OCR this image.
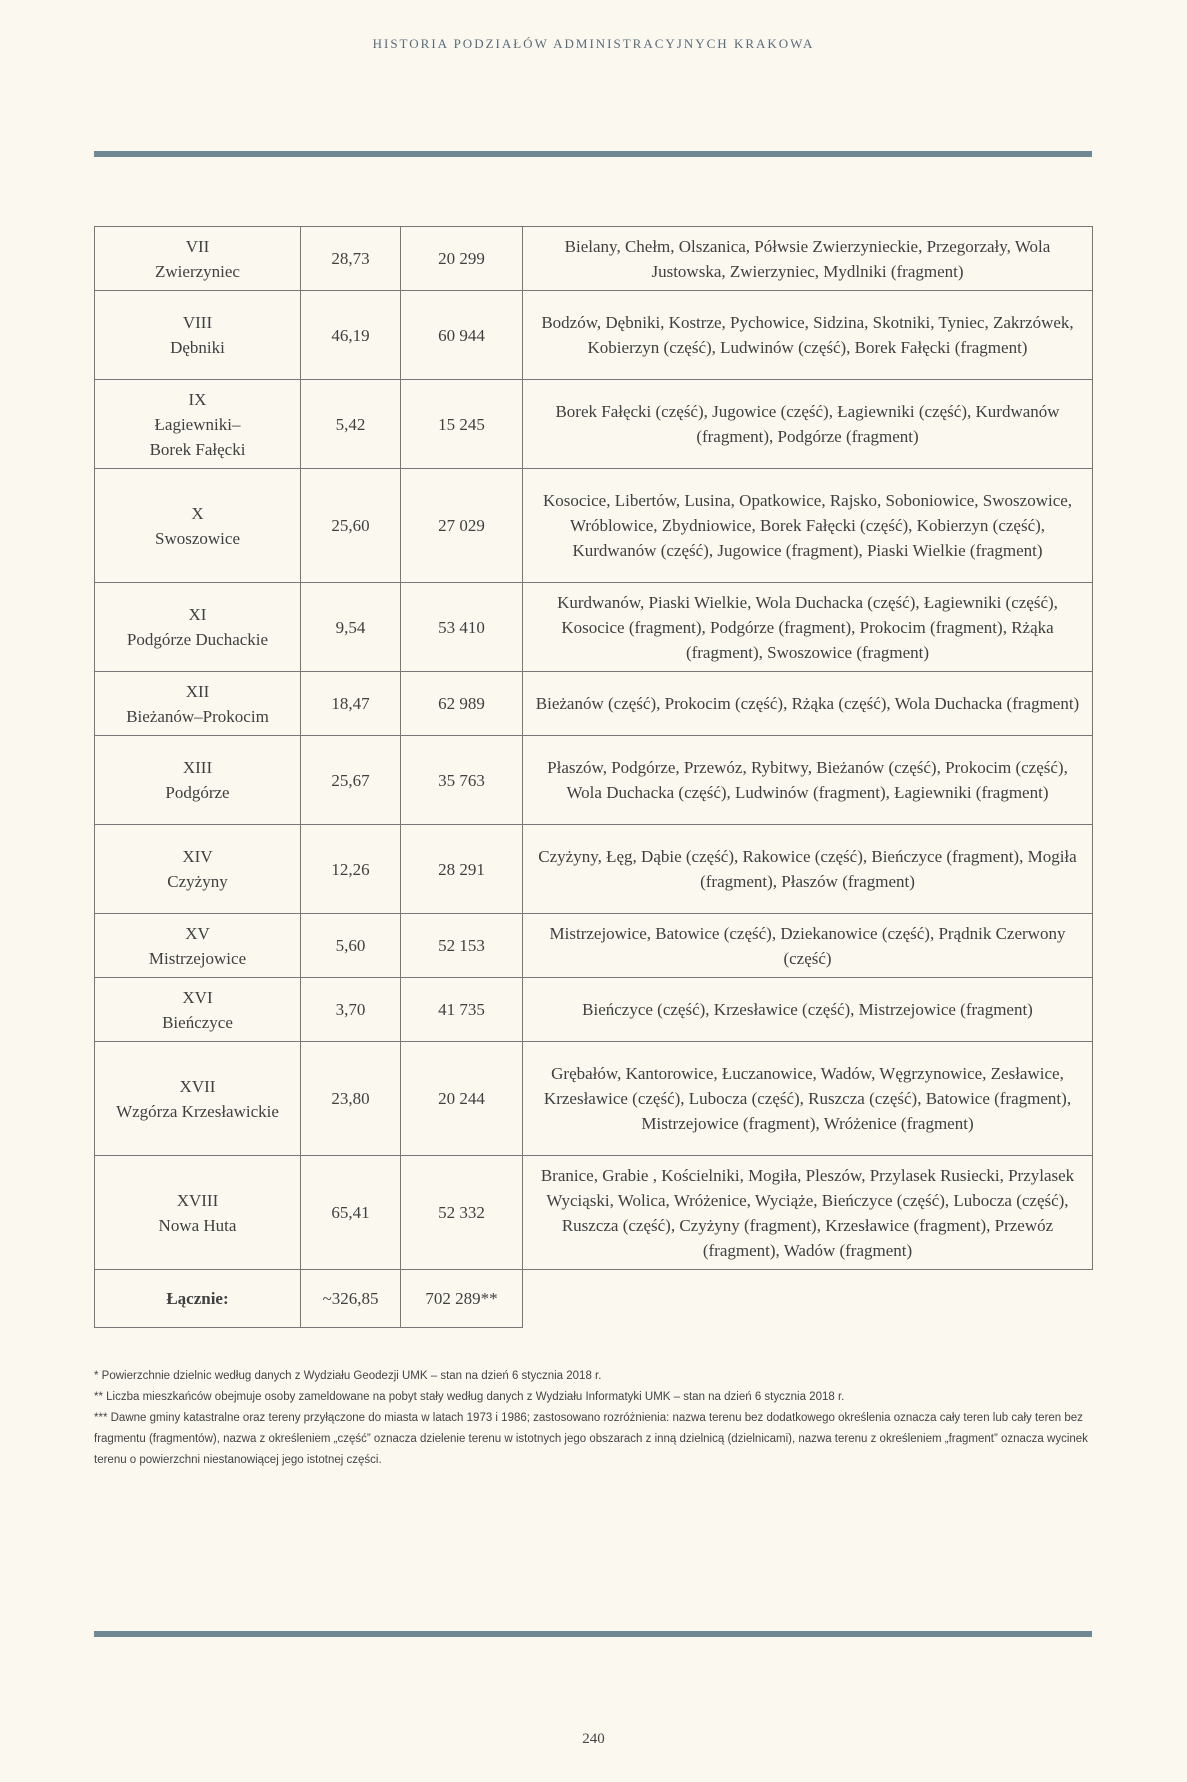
HISTORIA PODZIAŁÓW ADMINISTRACYJNYCH KRAKOWA
VII
Zwierzyniec	28,73	20 299	Bielany, Chełm, Olszanica, Półwsie Zwierzynieckie, Przegorzały, Wola Justowska, Zwierzyniec, Mydlniki (fragment)

VIII
Dębniki	46,19	60 944	Bodzów, Dębniki, Kostrze, Pychowice, Sidzina, Skotniki, Tyniec, Zakrzówek, Kobierzyn (część), Ludwinów (część), Borek Fałęcki (fragment)

IX
Łagiewniki–
Borek Fałęcki	5,42	15 245	Borek Fałęcki (część), Jugowice (część), Łagiewniki (część), Kurdwanów (fragment), Podgórze (fragment)

X
Swoszowice	25,60	27 029	Kosocice, Libertów, Lusina, Opatkowice, Rajsko, Soboniowice, Swoszowice, Wróblowice, Zbydniowice, Borek Fałęcki (część), Kobierzyn (część), Kurdwanów (część), Jugowice (fragment), Piaski Wielkie (fragment)

XI
Podgórze Duchackie	9,54	53 410	Kurdwanów, Piaski Wielkie, Wola Duchacka (część), Łagiewniki (część), Kosocice (fragment), Podgórze (fragment), Prokocim (fragment), Rżąka (fragment), Swoszowice (fragment)

XII
Bieżanów–Prokocim	18,47	62 989	Bieżanów (część), Prokocim (część), Rżąka (część), Wola Duchacka (fragment)

XIII
Podgórze	25,67	35 763	Płaszów, Podgórze, Przewóz, Rybitwy, Bieżanów (część), Prokocim (część), Wola Duchacka (część), Ludwinów (fragment), Łagiewniki (fragment)

XIV
Czyżyny	12,26	28 291	Czyżyny, Łęg, Dąbie (część), Rakowice (część), Bieńczyce (fragment), Mogiła (fragment), Płaszów (fragment)

XV
Mistrzejowice	5,60	52 153	Mistrzejowice, Batowice (część), Dziekanowice (część), Prądnik Czerwony (część)

XVI
Bieńczyce	3,70	41 735	Bieńczyce (część), Krzesławice (część), Mistrzejowice (fragment)

XVII
Wzgórza Krzesławickie	23,80	20 244	Grębałów, Kantorowice, Łuczanowice, Wadów, Węgrzynowice, Zesławice, Krzesławice (część), Lubocza (część), Ruszcza (część), Batowice (fragment), Mistrzejowice (fragment), Wróżenice (fragment)

XVIII
Nowa Huta	65,41	52 332	Branice, Grabie , Kościelniki, Mogiła, Pleszów, Przylasek Rusiecki, Przylasek Wyciąski, Wolica, Wróżenice, Wyciąże, Bieńczyce (część), Lubocza (część), Ruszcza (część), Czyżyny (fragment), Krzesławice (fragment), Przewóz (fragment), Wadów (fragment)
Łącznie:	~326,85	702 289**	

* Powierzchnie dzielnic według danych z Wydziału Geodezji UMK – stan na dzień 6 stycznia 2018 r.

** Liczba mieszkańców obejmuje osoby zameldowane na pobyt stały według danych z Wydziału Informatyki UMK – stan na dzień 6 stycznia 2018 r.

*** Dawne gminy katastralne oraz tereny przyłączone do miasta w latach 1973 i 1986; zastosowano rozróżnienia: nazwa terenu bez dodatkowego określenia oznacza cały teren lub cały teren bez fragmentu (fragmentów), nazwa z określeniem „część” oznacza dzielenie terenu w istotnych jego obszarach z inną dzielnicą (dzielnicami), nazwa terenu z określeniem „fragment” oznacza wycinek terenu o powierzchni niestanowiącej jego istotnej części.

240
